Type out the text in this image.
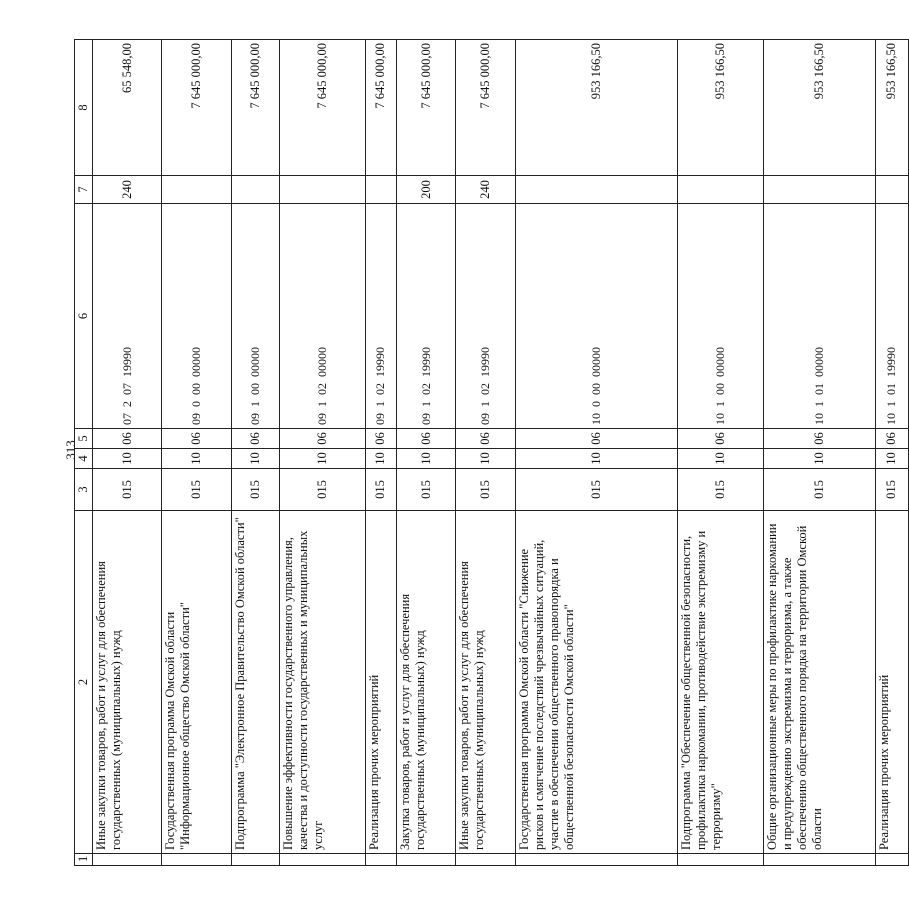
313
1	2	3	4	5	6	7	8
	Иные закупки товаров, работ и услуг для обеспечения государственных (муниципальных) нужд	015	10	06	07  2  07  19990	240	65 548,00
	Государственная программа Омской области "Информационное общество Омской области"	015	10	06	09  0  00  00000		7 645 000,00
	Подпрограмма "Электронное Правительство Омской области"	015	10	06	09  1  00  00000		7 645 000,00
	Повышение эффективности государственного управления, качества и доступности государственных и муниципальных услуг	015	10	06	09  1  02  00000		7 645 000,00
	Реализация прочих мероприятий	015	10	06	09  1  02  19990		7 645 000,00
	Закупка товаров, работ и услуг для обеспечения государственных (муниципальных) нужд	015	10	06	09  1  02  19990	200	7 645 000,00
	Иные закупки товаров, работ и услуг для обеспечения государственных (муниципальных) нужд	015	10	06	09  1  02  19990	240	7 645 000,00
	Государственная программа Омской области "Снижение рисков и смягчение последствий чрезвычайных ситуаций, участие в обеспечении общественного правопорядка и общественной безопасности Омской области"	015	10	06	10  0  00  00000		953 166,50
	Подпрограмма "Обеспечение общественной безопасности, профилактика наркомании, противодействие экстремизму и терроризму"	015	10	06	10  1  00  00000		953 166,50
	Общие организационные меры по профилактике наркомании и предупреждению экстремизма и терроризма, а также обеспечению общественного порядка на территории Омской области	015	10	06	10  1  01  00000		953 166,50
	Реализация прочих мероприятий	015	10	06	10  1  01  19990		953 166,50
